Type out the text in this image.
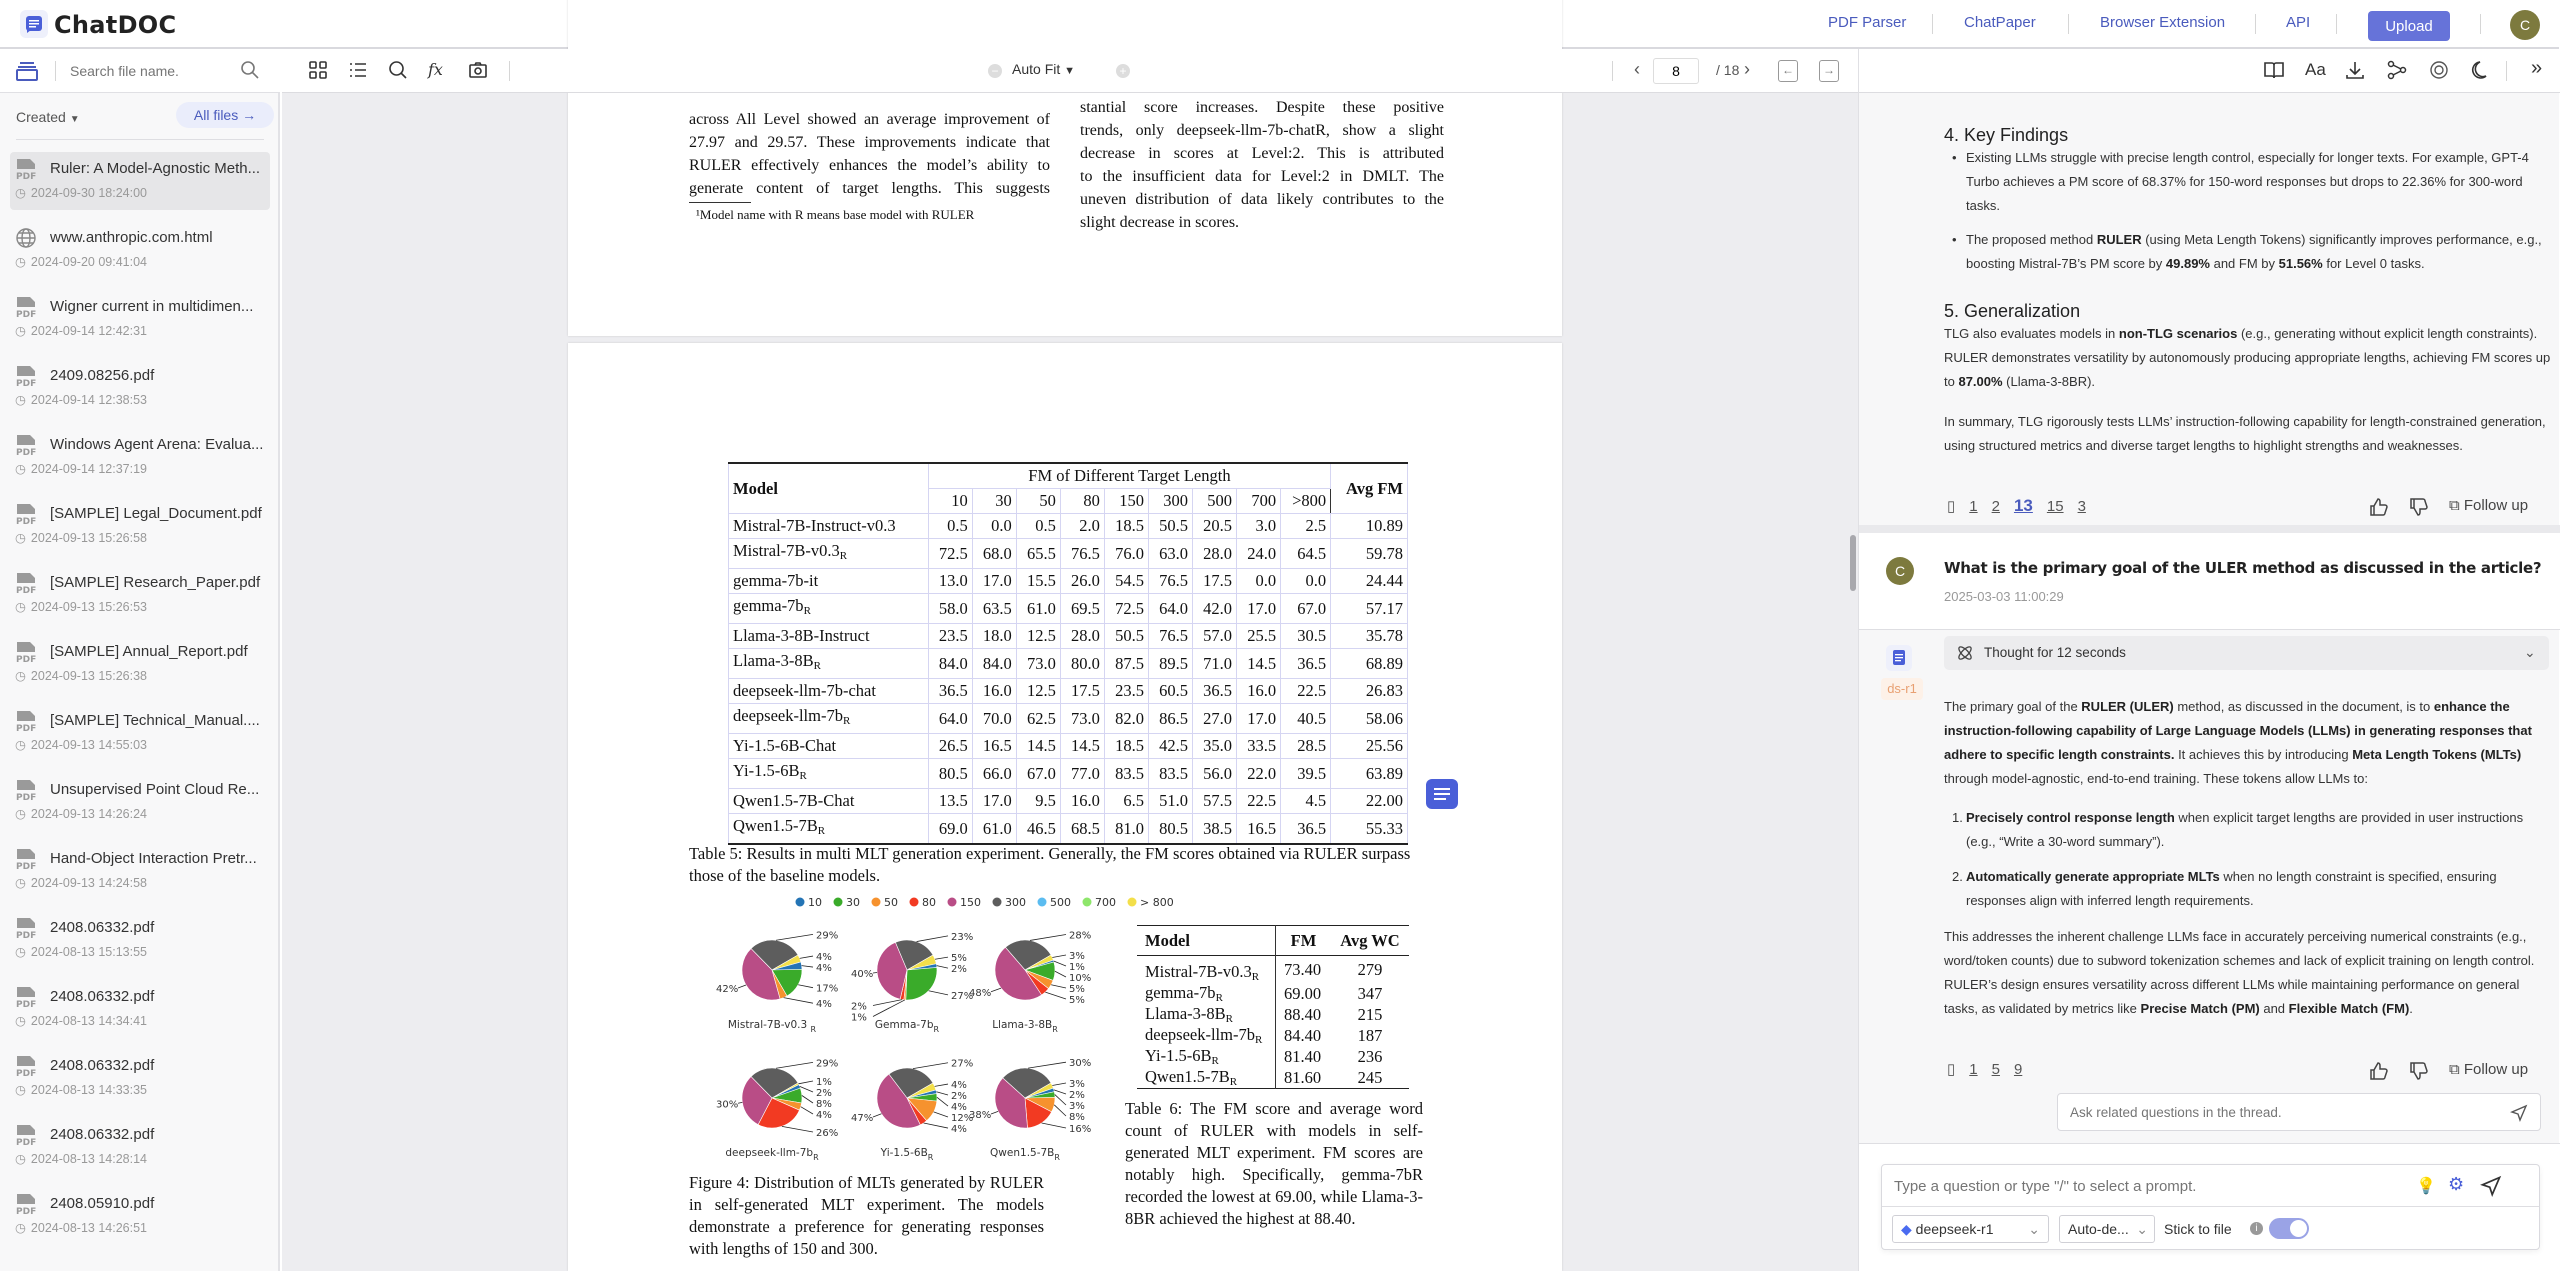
ChatDOC	PDF Parser	ChatPaper	Browser Extension	API	Upload	C
Search file name.
Created ▼	All files →
PDF Ruler: A Model-Agnostic Meth...
◷ 2024-09-30 18:24:00
www.anthropic.com.html
◷ 2024-09-20 09:41:04
PDF Wigner current in multidimen...
◷ 2024-09-14 12:42:31
PDF 2409.08256.pdf
◷ 2024-09-14 12:38:53
PDF Windows Agent Arena: Evalua...
◷ 2024-09-14 12:37:19
PDF [SAMPLE] Legal_Document.pdf
◷ 2024-09-13 15:26:58
PDF [SAMPLE] Research_Paper.pdf
◷ 2024-09-13 15:26:53
PDF [SAMPLE] Annual_Report.pdf
◷ 2024-09-13 15:26:38
PDF [SAMPLE] Technical_Manual....
◷ 2024-09-13 14:55:03
PDF Unsupervised Point Cloud Re...
◷ 2024-09-13 14:26:24
PDF Hand-Object Interaction Pretr...
◷ 2024-09-13 14:24:58
PDF 2408.06332.pdf
◷ 2024-08-13 15:13:55
PDF 2408.06332.pdf
◷ 2024-08-13 14:34:41
PDF 2408.06332.pdf
◷ 2024-08-13 14:33:35
PDF 2408.06332.pdf
◷ 2024-08-13 14:28:14
PDF 2408.05910.pdf
◷ 2024-08-13 14:26:51
fx	− Auto Fit ▼	+	‹
8	/ 18 ›	←	→
across All Level showed an average improvement of
27.97 and 29.57. These improvements indicate that
RULER effectively enhances the model’s ability to
generate content of target lengths. This suggests
stantial score increases. Despite these positive
trends, only deepseek-llm-7b-chatR, show a slight
decrease in scores at Level:2. This is attributed
to the insufficient data for Level:2 in DMLT. The
uneven distribution of data likely contributes to the
slight decrease in scores.
¹Model name with R means base model with RULER
Model	FM of Different Target Length									Avg FM
	10	30	50	80	150	300	500	700	>800	
Mistral-7B-Instruct-v0.3	0.5	0.0	0.5	2.0	18.5	50.5	20.5	3.0	2.5	10.89
Mistral-$7B-v0.3_R$	72.5	68.0	65.5	76.5	76.0	63.0	28.0	24.0	64.5	59.78
gemma-7b-it	13.0	17.0	15.5	26.0	54.5	76.5	17.5	0.0	0.0	24.44
gemma-$7b_R$	58.0	63.5	61.0	69.5	72.5	64.0	42.0	17.0	67.0	57.17
Llama-3-8B-Instruct	23.5	18.0	12.5	28.0	50.5	76.5	57.0	25.5	30.5	35.78
Llama-$3-8B_R$	84.0	84.0	73.0	80.0	87.5	89.5	71.0	14.5	36.5	68.89
deepseek-llm-7b-chat	36.5	16.0	12.5	17.5	23.5	60.5	36.5	16.0	22.5	26.83
deepseek-$llm-7b_R$	64.0	70.0	62.5	73.0	82.0	86.5	27.0	17.0	40.5	58.06
Yi-1.5-6B-Chat	26.5	16.5	14.5	14.5	18.5	42.5	35.0	33.5	28.5	25.56
$Yi-1.5-6B_R$	80.5	66.0	67.0	77.0	83.5	83.5	56.0	22.0	39.5	63.89
Qwen1.5-7B-Chat	13.5	17.0	9.5	16.0	6.5	51.0	57.5	22.5	4.5	22.00
$Qwen1.5-7B_R$	69.0	61.0	46.5	68.5	81.0	80.5	38.5	16.5	36.5	55.33
Table 5: Results in multi MLT generation experiment. Generally, the FM scores obtained via RULER surpass those of the baseline models.
10 30 50 80 150 300 500 700 > 800
29%
4%
4%
17%
4%
42%
Mistral-7B-v0.3 $_R$
23%
5%
2%
27%
40%
2%
1%
Gemma-$7b_R$
28%
3%
1%
10%
5%
5%
48%
Llama-$3-8B_R$
29%
1%
2%
8%
4%
26%
30%
deepseek-$llm-7b_R$
27%
4%
2%
4%
12%
4%
47%
$Yi-1.5-6B_R$
30%
3%
2%
3%
8%
16%
38%
$Qwen1.5-7B_R$
Figure 4: Distribution of MLTs generated by RULER in self-generated MLT experiment. The models demonstrate a preference for generating responses with lengths of 150 and 300.
Model	FM	Avg WC
Mistral-$7B-v0.3_R$	73.40	279
gemma-$7b_R$	69.00	347
Llama-$3-8B_R$	88.40	215
deepseek-$llm-7b_R$	84.40	187
$Yi-1.5-6B_R$	81.40	236
$Qwen1.5-7B_R$	81.60	245
Table 6: The FM score and average word count of RULER with models in self-generated MLT experiment. FM scores are notably high. Specifically, gemma-7bR recorded the lowest at 69.00, while Llama-3-8BR achieved the highest at 88.40.
Aa	»
4. Key Findings
• Existing LLMs struggle with precise length control, especially for longer texts. For example, GPT-4 Turbo achieves a PM score of 68.37% for 150-word responses but drops to 22.36% for 300-word tasks.
• The proposed method RULER (using Meta Length Tokens) significantly improves performance, e.g., boosting Mistral-7B’s PM score by 49.89% and FM by 51.56% for Level 0 tasks.
5. Generalization
TLG also evaluates models in non-TLG scenarios (e.g., generating without explicit length constraints). RULER demonstrates versatility by autonomously producing appropriate lengths, achieving FM scores up to 87.00% (Llama-3-8BR).
In summary, TLG rigorously tests LLMs’ instruction-following capability for length-constrained generation, using structured metrics and diverse target lengths to highlight strengths and weaknesses.
▯ 1 2 13 15 3	⧉ Follow up
C	What is the primary goal of the ULER method as discussed in the article?
2025-03-03 11:00:29
ds-r1
Thought for 12 seconds	⌄
The primary goal of the RULER (ULER) method, as discussed in the document, is to enhance the instruction-following capability of Large Language Models (LLMs) in generating responses that adhere to specific length constraints. It achieves this by introducing Meta Length Tokens (MLTs) through model-agnostic, end-to-end training. These tokens allow LLMs to:
1. Precisely control response length when explicit target lengths are provided in user instructions (e.g., “Write a 30-word summary”).
2. Automatically generate appropriate MLTs when no length constraint is specified, ensuring responses align with inferred length requirements.
This addresses the inherent challenge LLMs face in accurately perceiving numerical constraints (e.g., word/token counts) due to subword tokenization schemes and lack of explicit training on length control. RULER’s design ensures versatility across different LLMs while maintaining performance on general tasks, as validated by metrics like Precise Match (PM) and Flexible Match (FM).
▯ 1 5 9	⧉ Follow up
Ask related questions in the thread.
Type a question or type "/" to select a prompt.
💡 ⚙
◆ deepseek-r1 ⌄	Auto-de... ⌄ Stick to file	i
